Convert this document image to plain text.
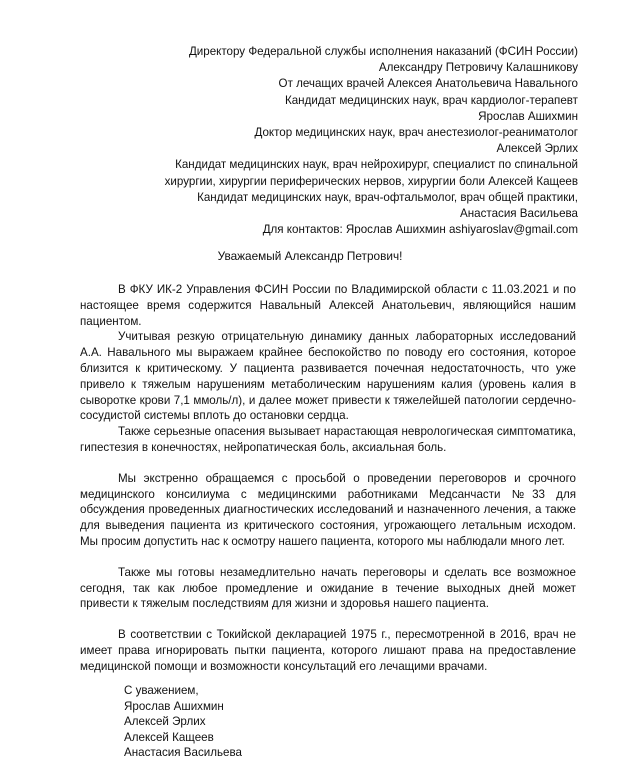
Директору Федеральной службы исполнения наказаний (ФСИН России)
Александру Петровичу Калашникову
От лечащих врачей Алексея Анатольевича Навального
Кандидат медицинских наук, врач кардиолог-терапевт
Ярослав Ашихмин
Доктор медицинских наук, врач анестезиолог-реаниматолог
Алексей Эрлих
Кандидат медицинских наук, врач нейрохирург, специалист по спинальной хирургии, хирургии периферических нервов, хирургии боли Алексей Кащеев
Кандидат медицинских наук, врач-офтальмолог, врач общей практики,
Анастасия Васильева
Для контактов: Ярослав Ашихмин ashiyaroslav@gmail.com
Уважаемый Александр Петрович!

В ФКУ ИК-2 Управления ФСИН России по Владимирской области с 11.03.2021 и по настоящее время содержится Навальный Алексей Анатольевич, являющийся нашим пациентом.

Учитывая резкую отрицательную динамику данных лабораторных исследований А.А. Навального мы выражаем крайнее беспокойство по поводу его состояния, которое близится к критическому. У пациента развивается почечная недостаточность, что уже привело к тяжелым нарушениям метаболическим нарушениям калия (уровень калия в сыворотке крови 7,1 ммоль/л), и далее может привести к тяжелейшей патологии сердечно-сосудистой системы вплоть до остановки сердца.

Также серьезные опасения вызывает нарастающая неврологическая симптоматика, гипестезия в конечностях, нейропатическая боль, аксиальная боль.

Мы экстренно обращаемся с просьбой о проведении переговоров и срочного медицинского консилиума с медицинскими работниками Медсанчасти №33 для обсуждения проведенных диагностических исследований и назначенного лечения, а также для выведения пациента из критического состояния, угрожающего летальным исходом. Мы просим допустить нас к осмотру нашего пациента, которого мы наблюдали много лет.

Также мы готовы незамедлительно начать переговоры и сделать все возможное сегодня, так как любое промедление и ожидание в течение выходных дней может привести к тяжелым последствиям для жизни и здоровья нашего пациента.

В соответствии с Токийской декларацией 1975 г., пересмотренной в 2016, врач не имеет права игнорировать пытки пациента, которого лишают права на предоставление медицинской помощи и возможности консультаций его лечащими врачами.

С уважением,
Ярослав Ашихмин
Алексей Эрлих
Алексей Кащеев
Анастасия Васильева
